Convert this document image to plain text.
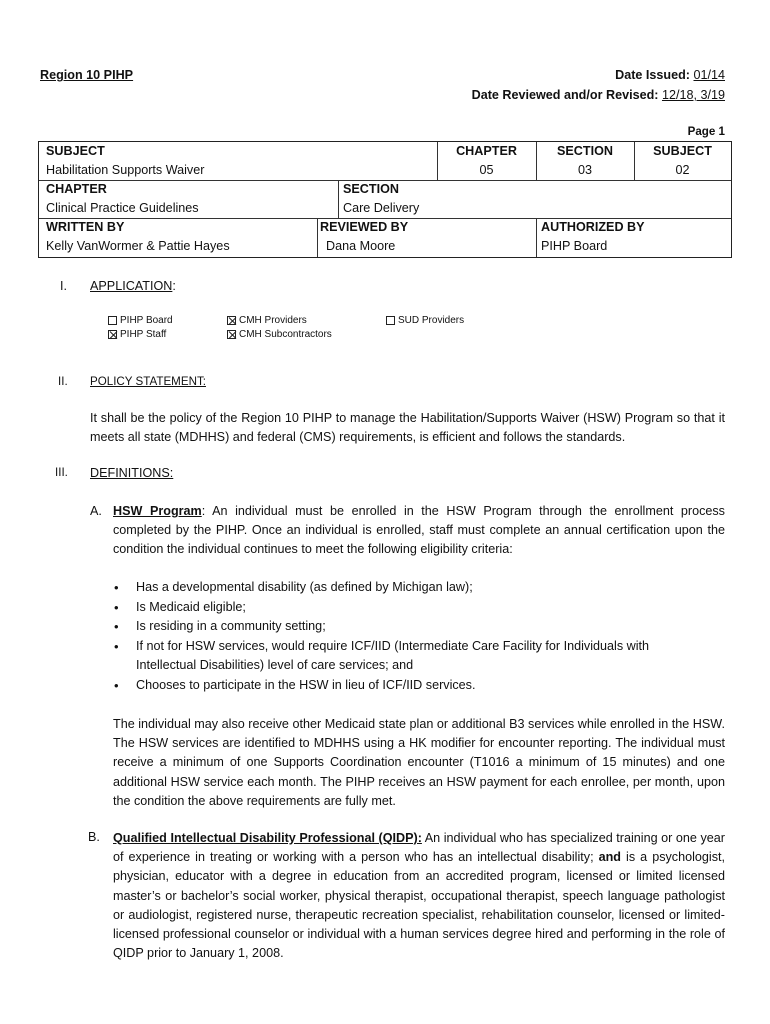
Region 10 PIHP	Date Issued: 01/14
Date Reviewed and/or Revised: 12/18, 3/19
Page 1
SUBJECT
Habilitation Supports Waiver
CHAPTER
05
SECTION
03
SUBJECT
02
CHAPTER
Clinical Practice Guidelines
SECTION
Care Delivery
WRITTEN BY
Kelly VanWormer & Pattie Hayes
REVIEWED BY
Dana Moore
AUTHORIZED BY
PIHP Board
I. APPLICATION:
PIHP Board
PIHP Staff
CMH Providers
CMH Subcontractors
SUD Providers
II. POLICY STATEMENT:
It shall be the policy of the Region 10 PIHP to manage the Habilitation/Supports Waiver (HSW) Program so that it meets all state (MDHHS) and federal (CMS) requirements, is efficient and follows the standards.
III. DEFINITIONS:
A. HSW Program: An individual must be enrolled in the HSW Program through the enrollment process completed by the PIHP. Once an individual is enrolled, staff must complete an annual certification upon the condition the individual continues to meet the following eligibility criteria:
• Has a developmental disability (as defined by Michigan law);
• Is Medicaid eligible;
• Is residing in a community setting;
• If not for HSW services, would require ICF/IID (Intermediate Care Facility for Individuals with Intellectual Disabilities) level of care services; and
• Chooses to participate in the HSW in lieu of ICF/IID services.
The individual may also receive other Medicaid state plan or additional B3 services while enrolled in the HSW. The HSW services are identified to MDHHS using a HK modifier for encounter reporting. The individual must receive a minimum of one Supports Coordination encounter (T1016 a minimum of 15 minutes) and one additional HSW service each month. The PIHP receives an HSW payment for each enrollee, per month, upon the condition the above requirements are fully met.
B. Qualified Intellectual Disability Professional (QIDP): An individual who has specialized training or one year of experience in treating or working with a person who has an intellectual disability; and is a psychologist, physician, educator with a degree in education from an accredited program, licensed or limited licensed master’s or bachelor’s social worker, physical therapist, occupational therapist, speech language pathologist or audiologist, registered nurse, therapeutic recreation specialist, rehabilitation counselor, licensed or limited-licensed professional counselor or individual with a human services degree hired and performing in the role of QIDP prior to January 1, 2008.
